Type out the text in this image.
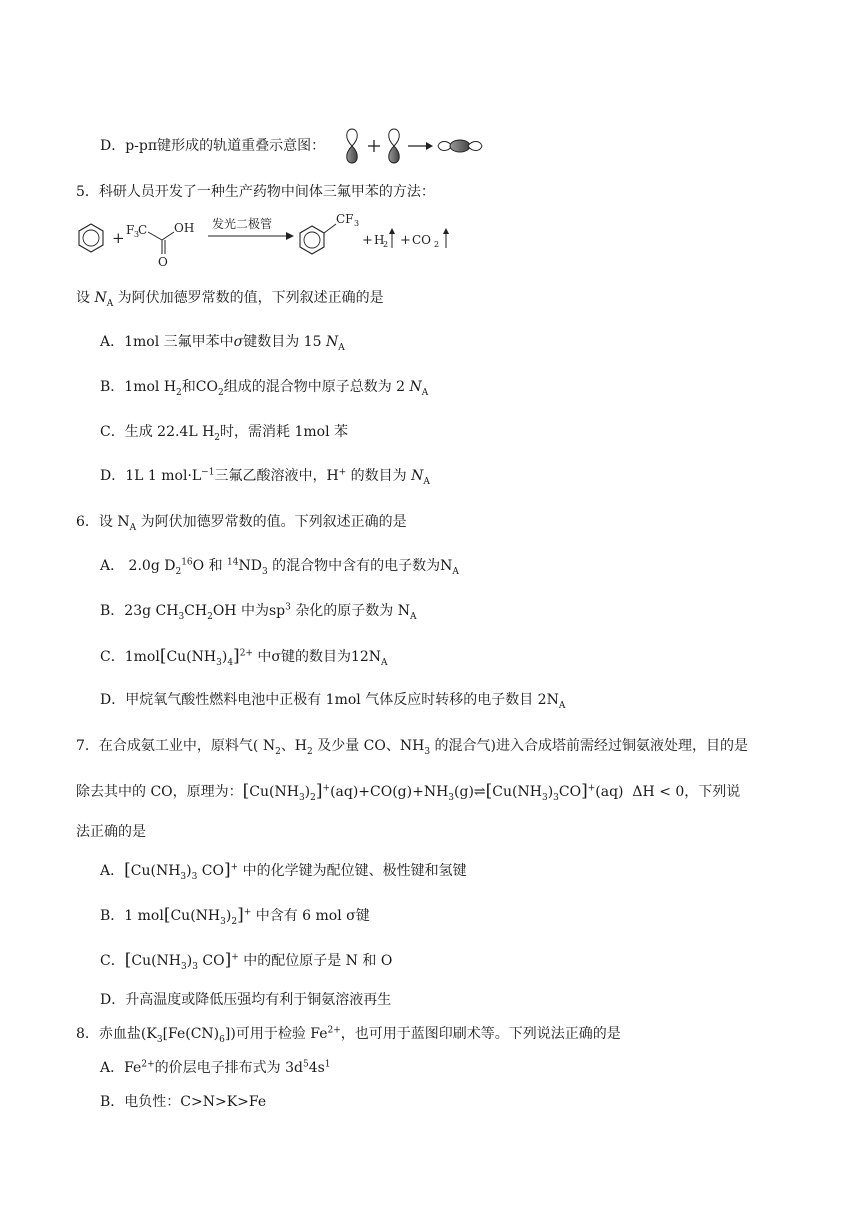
D．p-pπ键形成的轨道重叠示意图：
5．科研人员开发了一种生产药物中间体三氟甲苯的方法：
+ F 3
C OH
O
发光二极管	CF 3
+ H
2 + CO 2
设 $N_A$ 为阿伏加德罗常数的值，下列叙述正确的是
A．1mol 三氟甲苯中σ键数目为 15 $N_A$
B．1mol $H_2$和$CO_2$组成的混合物中原子总数为 2 $N_A$
C．生成 22.4L $H_2$时，需消耗 1mol 苯
D．1L 1 $mol\cdot L^{-1}$三氟乙酸溶液中，H+ 的数目为 $N_A$
6．设 $N_A$ 为阿伏加德罗常数的值。下列叙述正确的是
A． 2.0g $D_2^{16}O$ 和 $^{14}ND_3$ 的混合物中含有的电子数为$N_A$
B．23g $CH_3CH_2OH$ 中为$sp^3$ 杂化的原子数为 $N_A$
C．$1mol[Cu(NH_3)_4]^{2+}$ 中σ键的数目为$12N_A$
D．甲烷氧气酸性燃料电池中正极有 1mol 气体反应时转移的电子数目 $2N_A$
7．在合成氨工业中，原料气( $N_2$、$H_2$ 及少量 CO、$NH_3$ 的混合气)进入合成塔前需经过铜氨液处理，目的是
除去其中的 CO，原理为：$[Cu(NH_3)_2]^+(aq)+CO(g)+NH_3(g)\rightleftharpoons[Cu(NH_3)_3CO]^+(aq) \Delta H < 0$，下列说
法正确的是
A．[$Cu(NH_3)_3$ CO]+ 中的化学键为配位键、极性键和氢键
B．1 $mol[Cu(NH_3)_2]^+$ 中含有 6 mol σ键
C．[$Cu(NH_3)_3$ CO]+ 中的配位原子是 N 和 O
D．升高温度或降低压强均有利于铜氨溶液再生
8．赤血盐$(K_3[Fe(CN)_6])$可用于检验 $Fe^{2+}$，也可用于蓝图印刷术等。下列说法正确的是
A．$Fe^{2+}$的价层电子排布式为 $3d^54s^1$
B．电负性：C>N>K>Fe
